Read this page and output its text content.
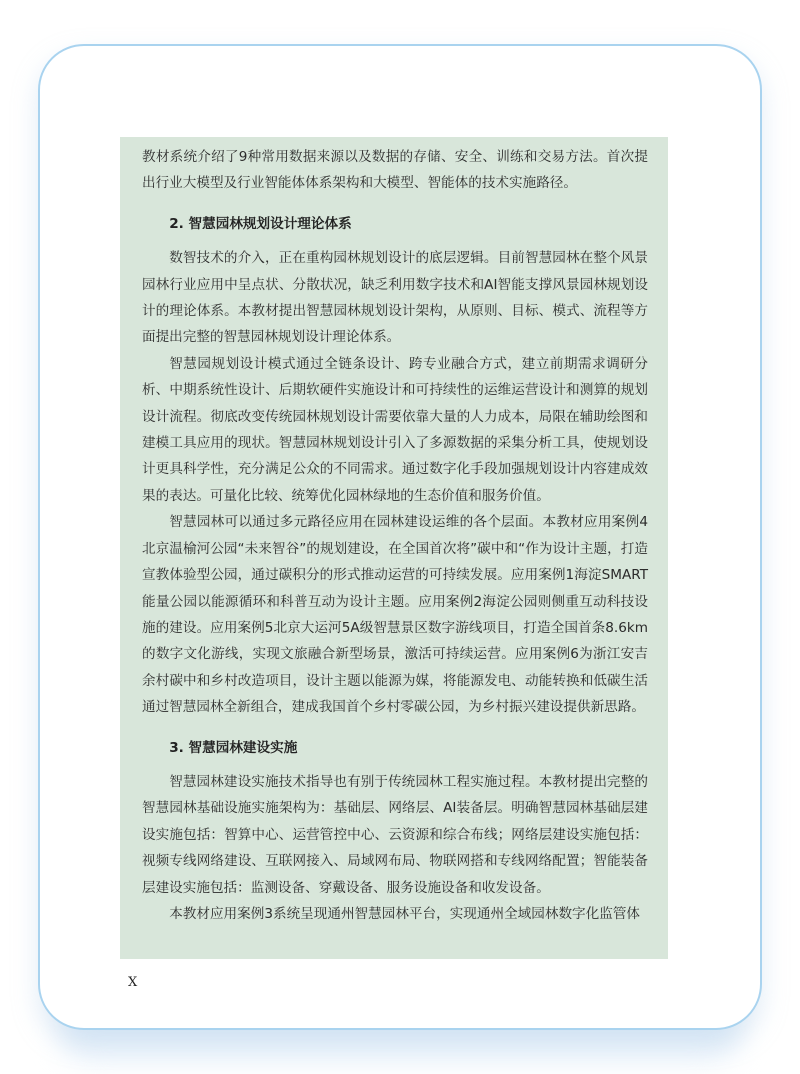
教材系统介绍了9种常用数据来源以及数据的存储、安全、训练和交易方法。首次提出行业大模型及行业智能体体系架构和大模型、智能体的技术实施路径。

2. 智慧园林规划设计理论体系

数智技术的介入，正在重构园林规划设计的底层逻辑。目前智慧园林在整个风景园林行业应用中呈点状、分散状况，缺乏利用数字技术和AI智能支撑风景园林规划设计的理论体系。本教材提出智慧园林规划设计架构，从原则、目标、模式、流程等方面提出完整的智慧园林规划设计理论体系。

智慧园规划设计模式通过全链条设计、跨专业融合方式，建立前期需求调研分析、中期系统性设计、后期软硬件实施设计和可持续性的运维运营设计和测算的规划设计流程。彻底改变传统园林规划设计需要依靠大量的人力成本，局限在辅助绘图和建模工具应用的现状。智慧园林规划设计引入了多源数据的采集分析工具，使规划设计更具科学性，充分满足公众的不同需求。通过数字化手段加强规划设计内容建成效果的表达。可量化比较、统筹优化园林绿地的生态价值和服务价值。

智慧园林可以通过多元路径应用在园林建设运维的各个层面。本教材应用案例4北京温榆河公园“未来智谷”的规划建设，在全国首次将”碳中和“作为设计主题，打造宣教体验型公园，通过碳积分的形式推动运营的可持续发展。应用案例1海淀SMART能量公园以能源循环和科普互动为设计主题。应用案例2海淀公园则侧重互动科技设施的建设。应用案例5北京大运河5A级智慧景区数字游线项目，打造全国首条8.6km的数字文化游线，实现文旅融合新型场景，激活可持续运营。应用案例6为浙江安吉余村碳中和乡村改造项目，设计主题以能源为媒，将能源发电、动能转换和低碳生活通过智慧园林全新组合，建成我国首个乡村零碳公园，为乡村振兴建设提供新思路。

3. 智慧园林建设实施

智慧园林建设实施技术指导也有别于传统园林工程实施过程。本教材提出完整的智慧园林基础设施实施架构为：基础层、网络层、AI装备层。明确智慧园林基础层建设实施包括：智算中心、运营管控中心、云资源和综合布线；网络层建设实施包括：视频专线网络建设、互联网接入、局域网布局、物联网搭和专线网络配置；智能装备层建设实施包括：监测设备、穿戴设备、服务设施设备和收发设备。

本教材应用案例3系统呈现通州智慧园林平台，实现通州全域园林数字化监管体

X
